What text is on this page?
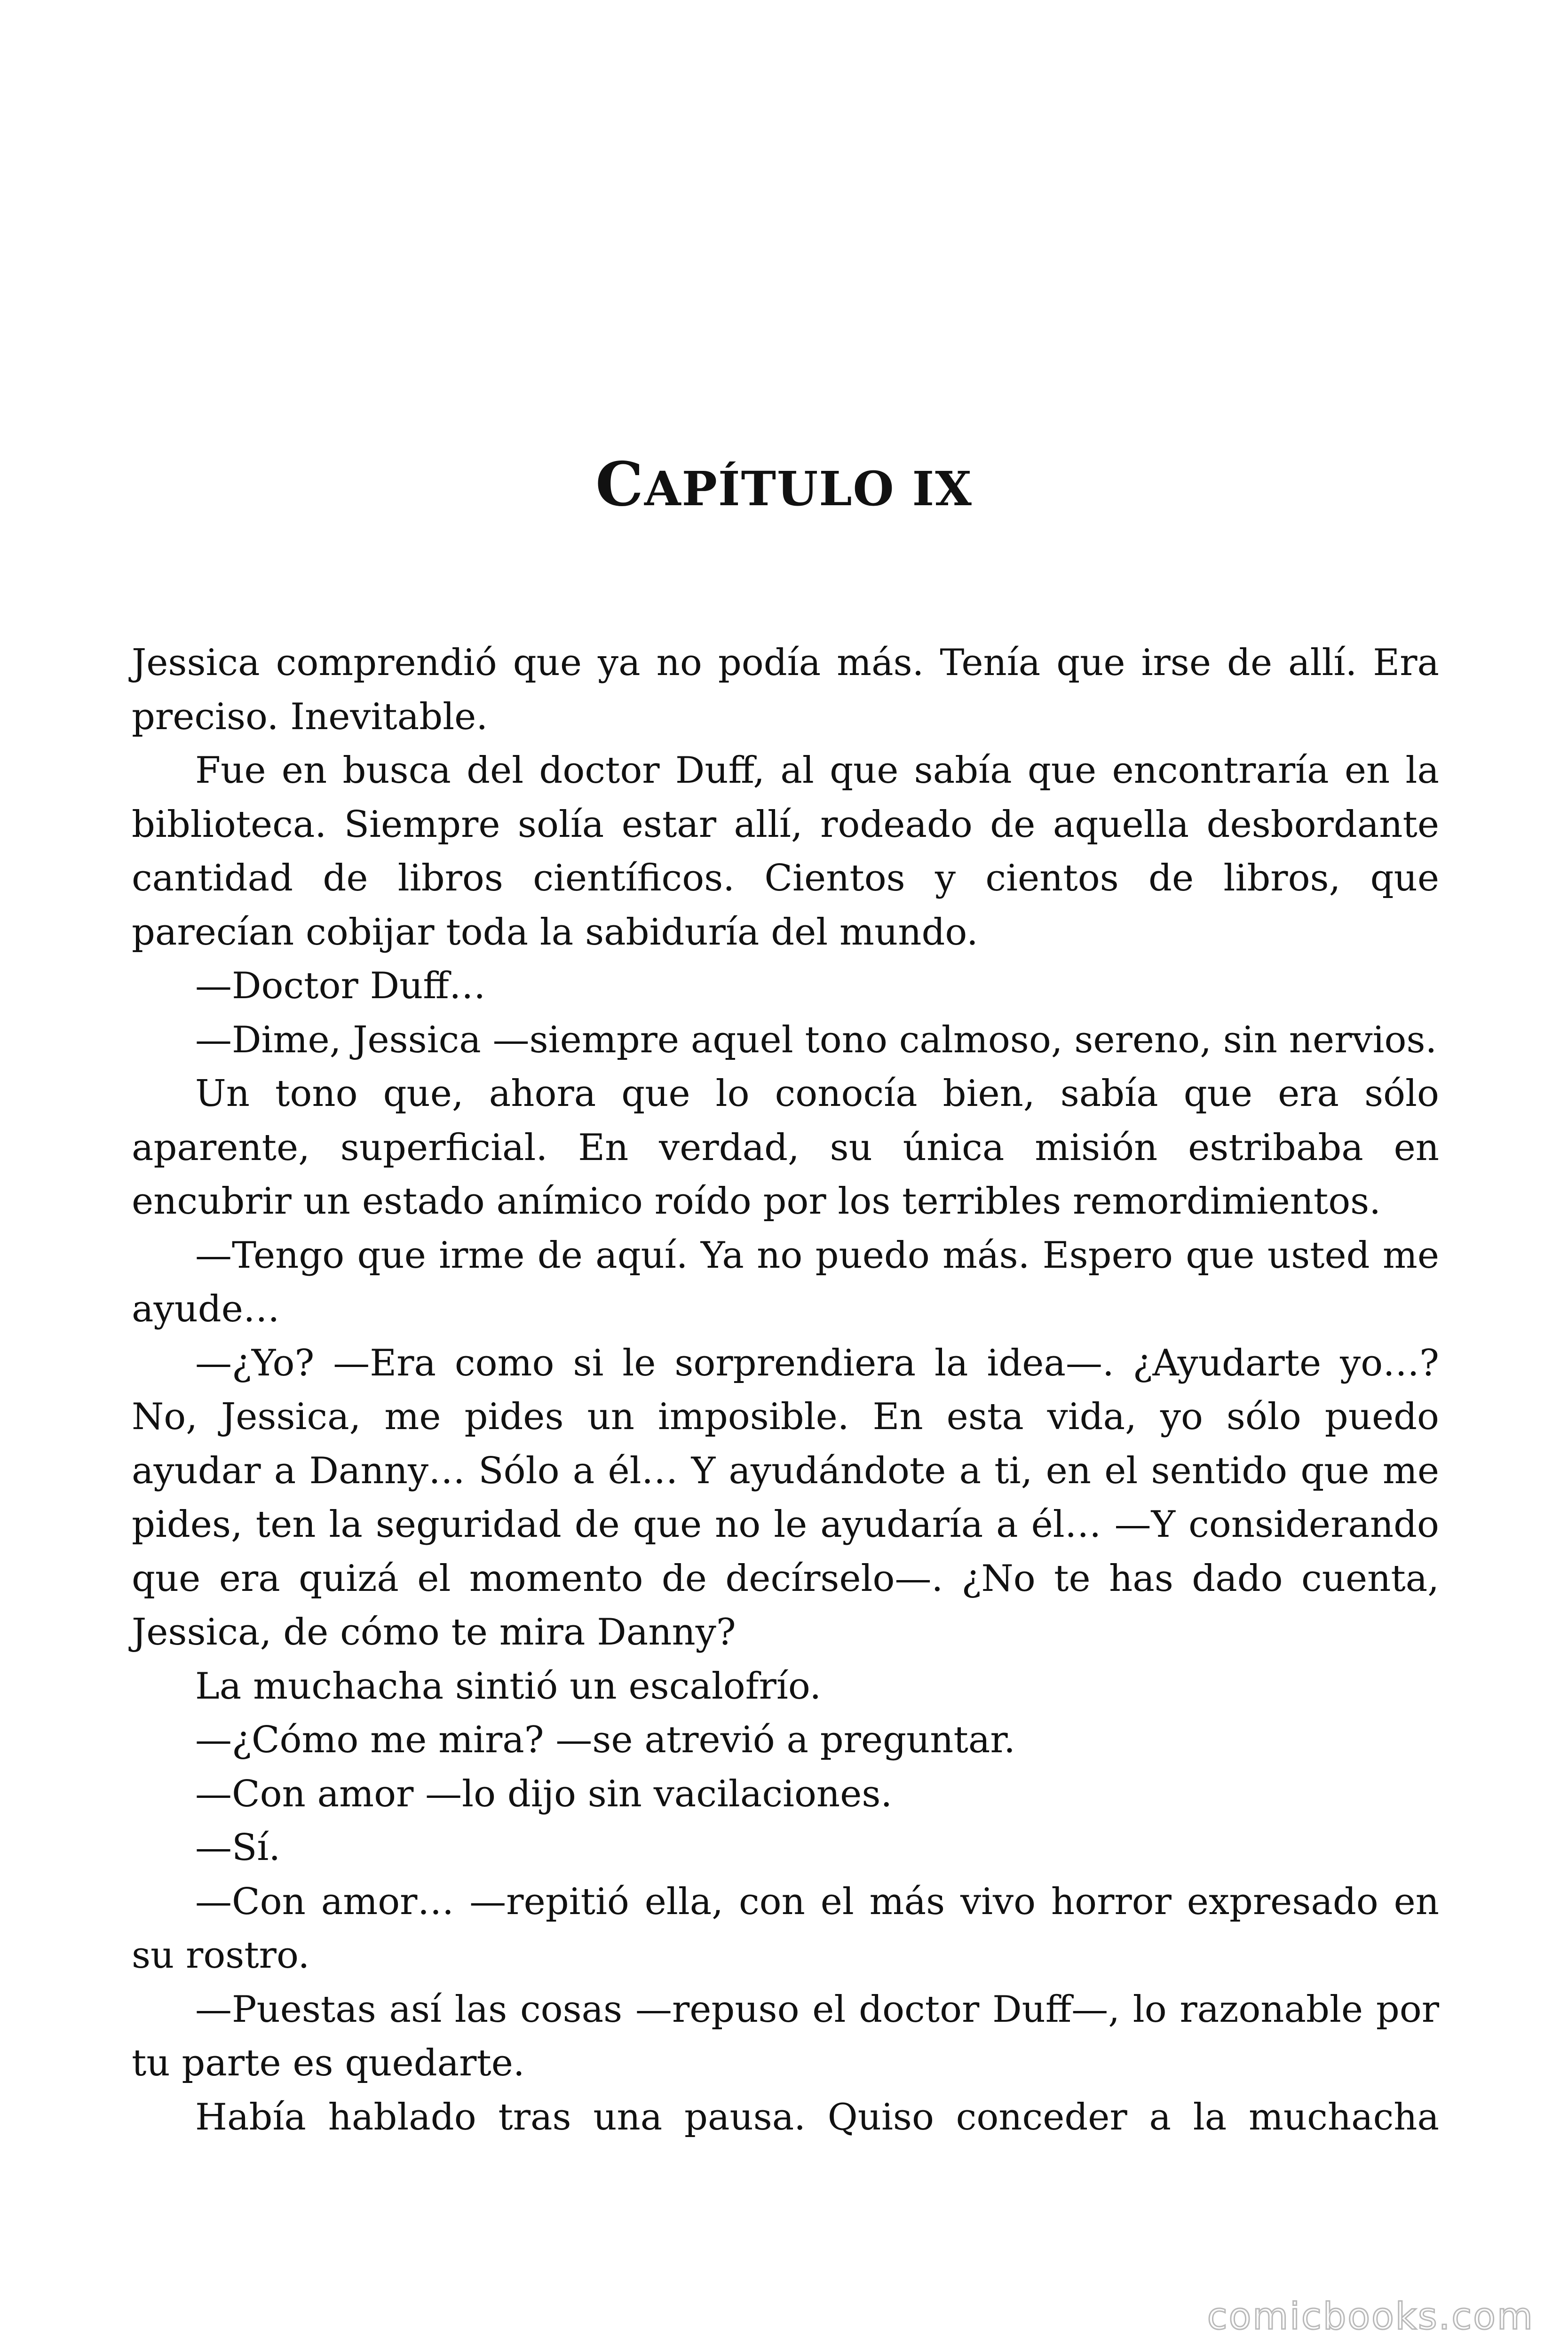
CAPÍTULO IX

Jessica comprendió que ya no podía más. Tenía que irse de allí. Era preciso. Inevitable.

Fue en busca del doctor Duff, al que sabía que encontraría en la biblioteca. Siempre solía estar allí, rodeado de aquella desbordante cantidad de libros científicos. Cientos y cientos de libros, que parecían cobijar toda la sabiduría del mundo.

—Doctor Duff…

—Dime, Jessica —siempre aquel tono calmoso, sereno, sin nervios.

Un tono que, ahora que lo conocía bien, sabía que era sólo aparente, superficial. En verdad, su única misión estribaba en encubrir un estado anímico roído por los terribles remordimientos.

—Tengo que irme de aquí. Ya no puedo más. Espero que usted me ayude…

—¿Yo? —Era como si le sorprendiera la idea—. ¿Ayudarte yo…? No, Jessica, me pides un imposible. En esta vida, yo sólo puedo ayudar a Danny… Sólo a él… Y ayudándote a ti, en el sentido que me pides, ten la seguridad de que no le ayudaría a él… —Y considerando que era quizá el momento de decírselo—. ¿No te has dado cuenta, Jessica, de cómo te mira Danny?

La muchacha sintió un escalofrío.

—¿Cómo me mira? —se atrevió a preguntar.

—Con amor —lo dijo sin vacilaciones.

—Sí.

—Con amor… —repitió ella, con el más vivo horror expresado en su rostro.

—Puestas así las cosas —repuso el doctor Duff—, lo razonable por tu parte es quedarte.

Había hablado tras una pausa. Quiso conceder a la muchacha

comicbooks.com
